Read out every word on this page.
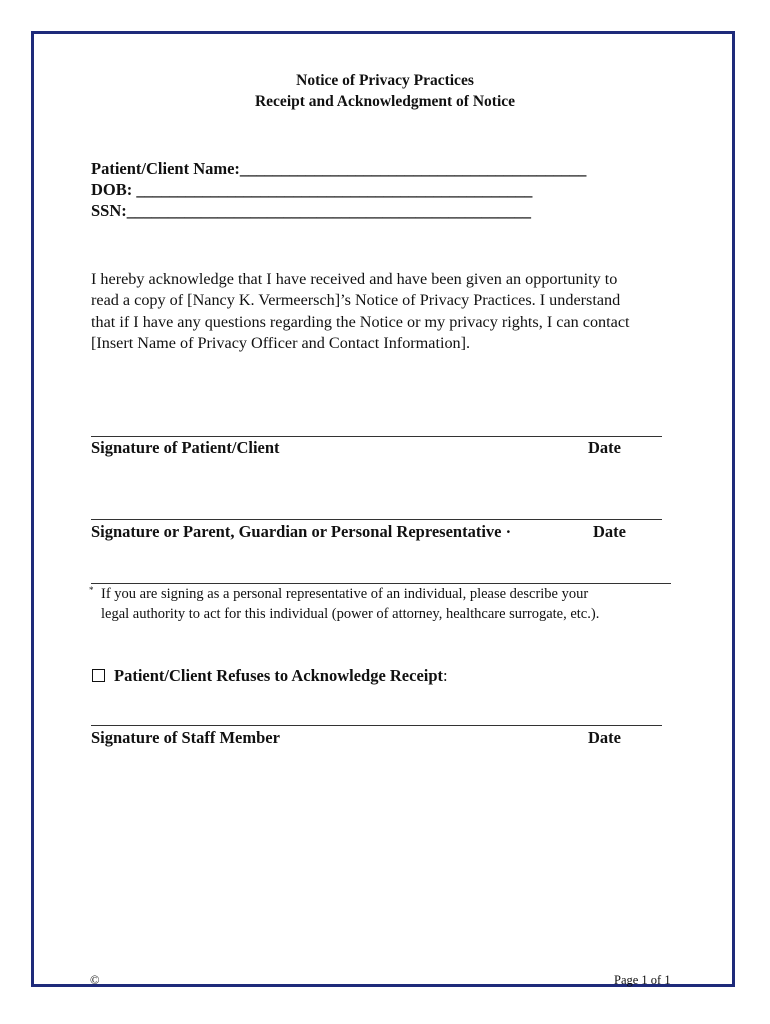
Notice of Privacy Practices
Receipt and Acknowledgment of Notice
Patient/Client Name:__________________________________________
DOB: ________________________________________________
SSN:_________________________________________________
I hereby acknowledge that I have received and have been given an opportunity to
read a copy of [Nancy K. Vermeersch]’s Notice of Privacy Practices. I understand
that if I have any questions regarding the Notice or my privacy rights, I can contact
[Insert Name of Privacy Officer and Contact Information].
Signature of Patient/Client	Date
Signature or Parent, Guardian or Personal Representative ·	Date
* If you are signing as a personal representative of an individual, please describe your
legal authority to act for this individual (power of attorney, healthcare surrogate, etc.).
Patient/Client Refuses to Acknowledge Receipt:
Signature of Staff Member	Date
©	Page 1 of 1
